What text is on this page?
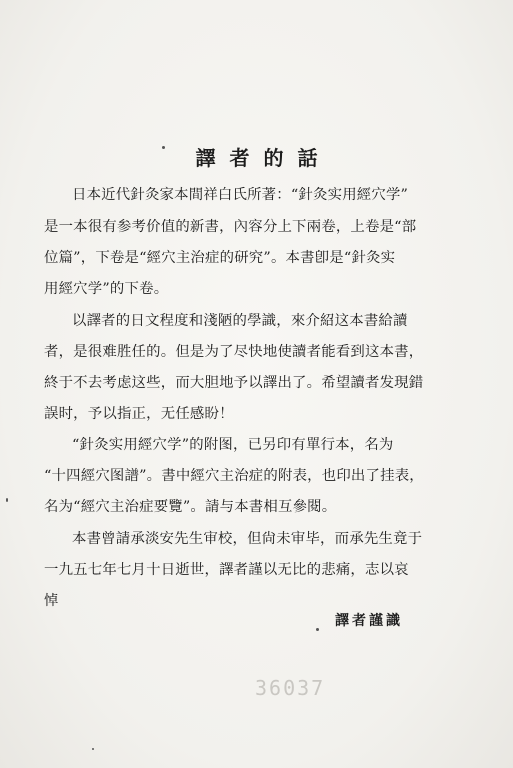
譯者的話
日本近代針灸家本間祥白氏所著：“針灸实用經穴学”
是一本很有参考价值的新書，內容分上下兩卷，上卷是“部
位篇”，下卷是“經穴主治症的研究”。本書卽是“針灸实
用經穴学”的下卷。
以譯者的日文程度和淺陋的學識，來介紹这本書給讀
者，是很难胜任的。但是为了尽快地使讀者能看到这本書，
終于不去考虑这些，而大胆地予以譯出了。希望讀者发現錯
誤时，予以指正，无任感盼！
“針灸实用經穴学”的附图，已另印有單行本，名为
“十四經穴图譜”。書中經穴主治症的附表，也印出了挂表，
名为“經穴主治症要覽”。請与本書相互參閱。
本書曾請承淡安先生审校，但尙未审毕，而承先生竟于
一九五七年七月十日逝世，譯者謹以无比的悲痛，志以哀
悼
譯者謹識
36037
